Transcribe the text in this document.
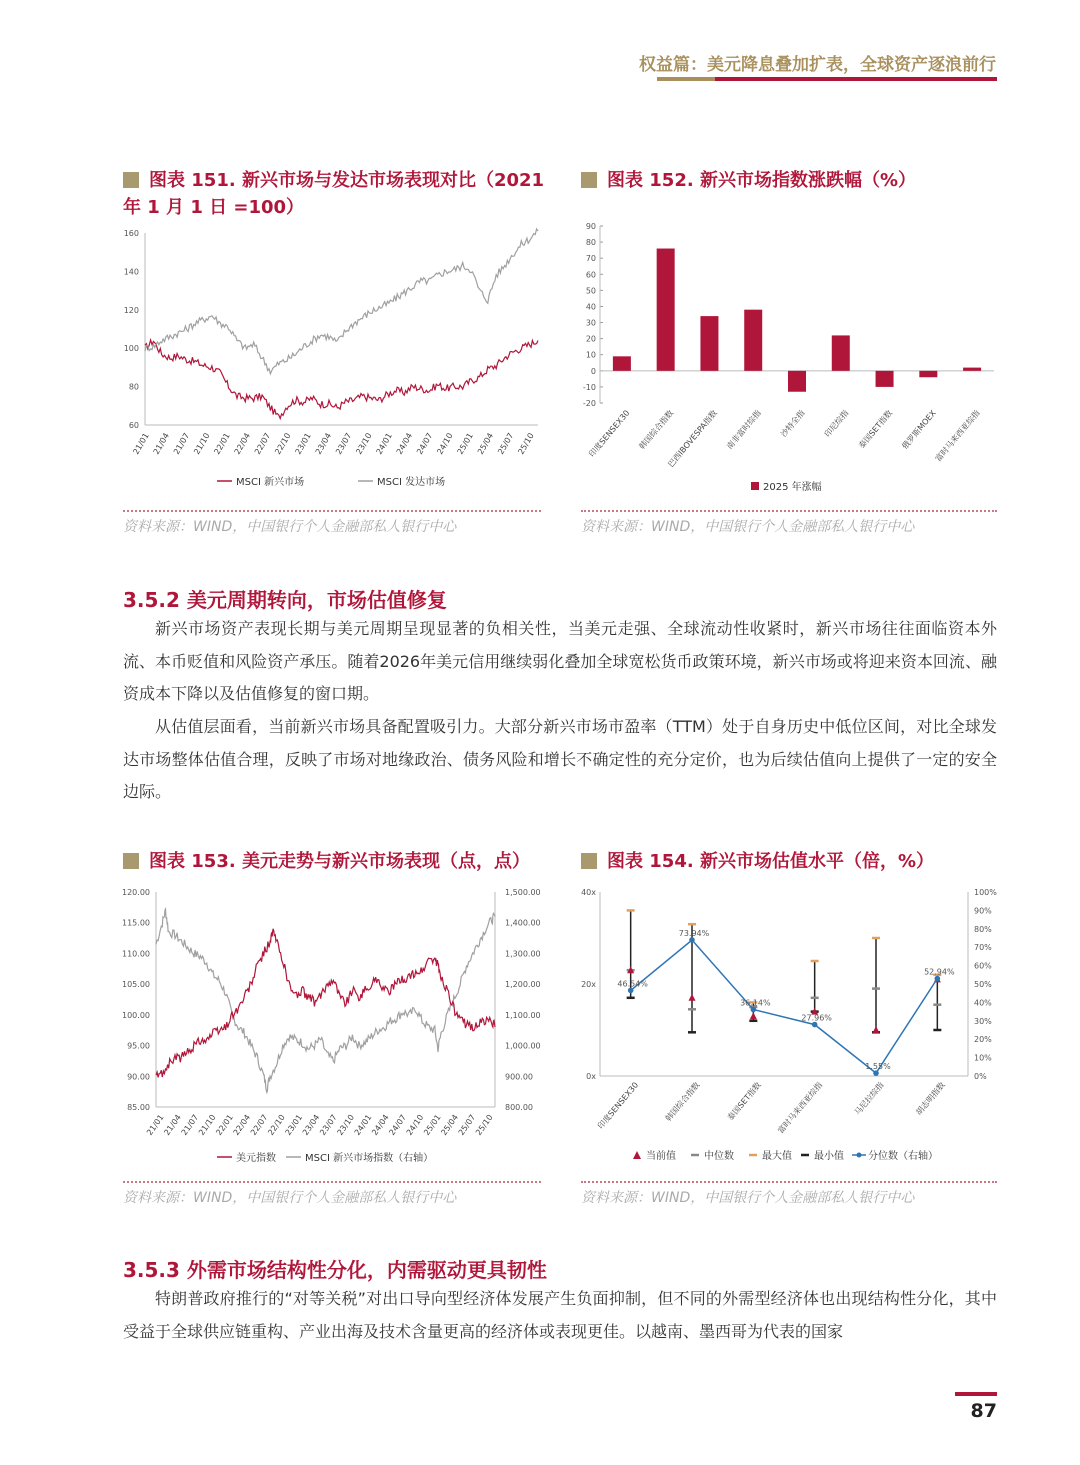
权益篇：美元降息叠加扩表，全球资产逐浪前行
图表 151. 新兴市场与发达市场表现对比（2021年 1 月 1 日 =100）
60
80
100
120
140
160
21/01 21/04 21/07 21/10 22/01 22/04 22/07 22/10 23/01 23/04 23/07 23/10 24/01 24/04 24/07 24/10 25/01 25/04 25/07 25/10
MSCI 新兴市场	MSCI 发达市场
资料来源：WIND，中国银行个人金融部私人银行中心
图表 152. 新兴市场指数涨跌幅（%）
-20
-10
0
10
20
30
40
50
60
70
80
90
印度SENSEX30 韩国综合指数
巴西IBOVESPA指数 南非富时综指 沙特全指 印尼综指 泰国SET指数 俄罗斯MOEX
富时马来西亚综指
2025 年涨幅
资料来源：WIND，中国银行个人金融部私人银行中心
3.5.2 美元周期转向，市场估值修复

新兴市场资产表现长期与美元周期呈现显著的负相关性，当美元走强、全球流动性收紧时，新兴市场往往面临资本外流、本币贬值和风险资产承压。随着2026年美元信用继续弱化叠加全球宽松货币政策环境，新兴市场或将迎来资本回流、融资成本下降以及估值修复的窗口期。

从估值层面看，当前新兴市场具备配置吸引力。大部分新兴市场市盈率（TTM）处于自身历史中低位区间，对比全球发达市场整体估值合理，反映了市场对地缘政治、债务风险和增长不确定性的充分定价，也为后续估值向上提供了一定的安全边际。

图表 153. 美元走势与新兴市场表现（点，点）
85.00
90.00
95.00
100.00
105.00
110.00
115.00
120.00
800.00
900.00
1,000.00
1,100.00
1,200.00
1,300.00
1,400.00
1,500.00
21/01
21/04
21/07
21/10
22/01
22/04
22/07
22/10
23/01
23/04
23/07
23/10
24/01
24/04
24/07
24/10
25/01
25/04
25/07
25/10
美元指数	MSCI 新兴市场指数（右轴）
资料来源：WIND，中国银行个人金融部私人银行中心
图表 154. 新兴市场估值水平（倍，%）
0x
20x
40x
0%
10%
20%
30%
40%
50%
60%
70%
80%
90%
100%
46.54%
73.94%
36.14%
27.96%
1.55%
52.94%
印度SENSEX30	韩国综合指数	泰国SET指数 富时马来西亚综指	马尼拉综指	胡志明指数
当前值	中位数	最大值 最小值 分位数（右轴）
资料来源：WIND，中国银行个人金融部私人银行中心
3.5.3 外需市场结构性分化，内需驱动更具韧性

特朗普政府推行的“对等关税”对出口导向型经济体发展产生负面抑制，但不同的外需型经济体也出现结构性分化，其中受益于全球供应链重构、产业出海及技术含量更高的经济体或表现更佳。以越南、墨西哥为代表的国家

87
